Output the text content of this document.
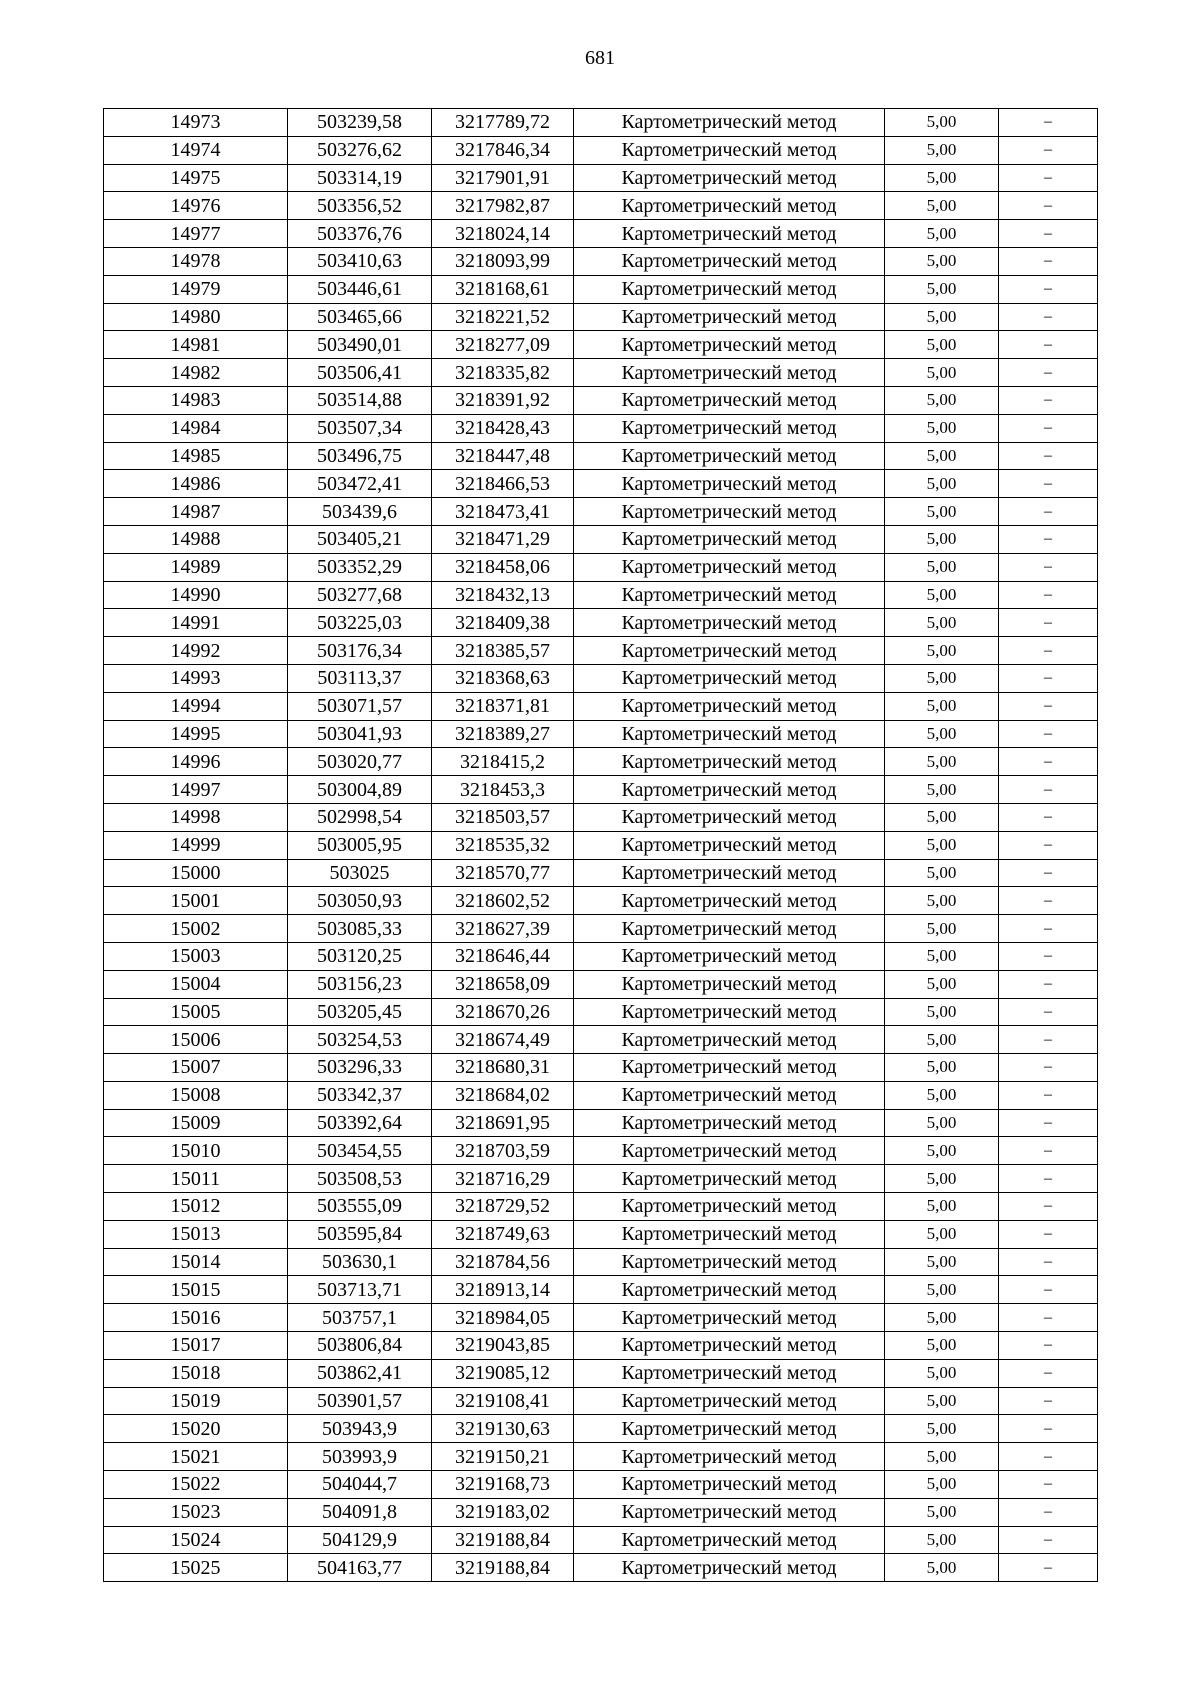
681
14973	503239,58	3217789,72	Картометрический метод	5,00	–
14974	503276,62	3217846,34	Картометрический метод	5,00	–
14975	503314,19	3217901,91	Картометрический метод	5,00	–
14976	503356,52	3217982,87	Картометрический метод	5,00	–
14977	503376,76	3218024,14	Картометрический метод	5,00	–
14978	503410,63	3218093,99	Картометрический метод	5,00	–
14979	503446,61	3218168,61	Картометрический метод	5,00	–
14980	503465,66	3218221,52	Картометрический метод	5,00	–
14981	503490,01	3218277,09	Картометрический метод	5,00	–
14982	503506,41	3218335,82	Картометрический метод	5,00	–
14983	503514,88	3218391,92	Картометрический метод	5,00	–
14984	503507,34	3218428,43	Картометрический метод	5,00	–
14985	503496,75	3218447,48	Картометрический метод	5,00	–
14986	503472,41	3218466,53	Картометрический метод	5,00	–
14987	503439,6	3218473,41	Картометрический метод	5,00	–
14988	503405,21	3218471,29	Картометрический метод	5,00	–
14989	503352,29	3218458,06	Картометрический метод	5,00	–
14990	503277,68	3218432,13	Картометрический метод	5,00	–
14991	503225,03	3218409,38	Картометрический метод	5,00	–
14992	503176,34	3218385,57	Картометрический метод	5,00	–
14993	503113,37	3218368,63	Картометрический метод	5,00	–
14994	503071,57	3218371,81	Картометрический метод	5,00	–
14995	503041,93	3218389,27	Картометрический метод	5,00	–
14996	503020,77	3218415,2	Картометрический метод	5,00	–
14997	503004,89	3218453,3	Картометрический метод	5,00	–
14998	502998,54	3218503,57	Картометрический метод	5,00	–
14999	503005,95	3218535,32	Картометрический метод	5,00	–
15000	503025	3218570,77	Картометрический метод	5,00	–
15001	503050,93	3218602,52	Картометрический метод	5,00	–
15002	503085,33	3218627,39	Картометрический метод	5,00	–
15003	503120,25	3218646,44	Картометрический метод	5,00	–
15004	503156,23	3218658,09	Картометрический метод	5,00	–
15005	503205,45	3218670,26	Картометрический метод	5,00	–
15006	503254,53	3218674,49	Картометрический метод	5,00	–
15007	503296,33	3218680,31	Картометрический метод	5,00	–
15008	503342,37	3218684,02	Картометрический метод	5,00	–
15009	503392,64	3218691,95	Картометрический метод	5,00	–
15010	503454,55	3218703,59	Картометрический метод	5,00	–
15011	503508,53	3218716,29	Картометрический метод	5,00	–
15012	503555,09	3218729,52	Картометрический метод	5,00	–
15013	503595,84	3218749,63	Картометрический метод	5,00	–
15014	503630,1	3218784,56	Картометрический метод	5,00	–
15015	503713,71	3218913,14	Картометрический метод	5,00	–
15016	503757,1	3218984,05	Картометрический метод	5,00	–
15017	503806,84	3219043,85	Картометрический метод	5,00	–
15018	503862,41	3219085,12	Картометрический метод	5,00	–
15019	503901,57	3219108,41	Картометрический метод	5,00	–
15020	503943,9	3219130,63	Картометрический метод	5,00	–
15021	503993,9	3219150,21	Картометрический метод	5,00	–
15022	504044,7	3219168,73	Картометрический метод	5,00	–
15023	504091,8	3219183,02	Картометрический метод	5,00	–
15024	504129,9	3219188,84	Картометрический метод	5,00	–
15025	504163,77	3219188,84	Картометрический метод	5,00	–
